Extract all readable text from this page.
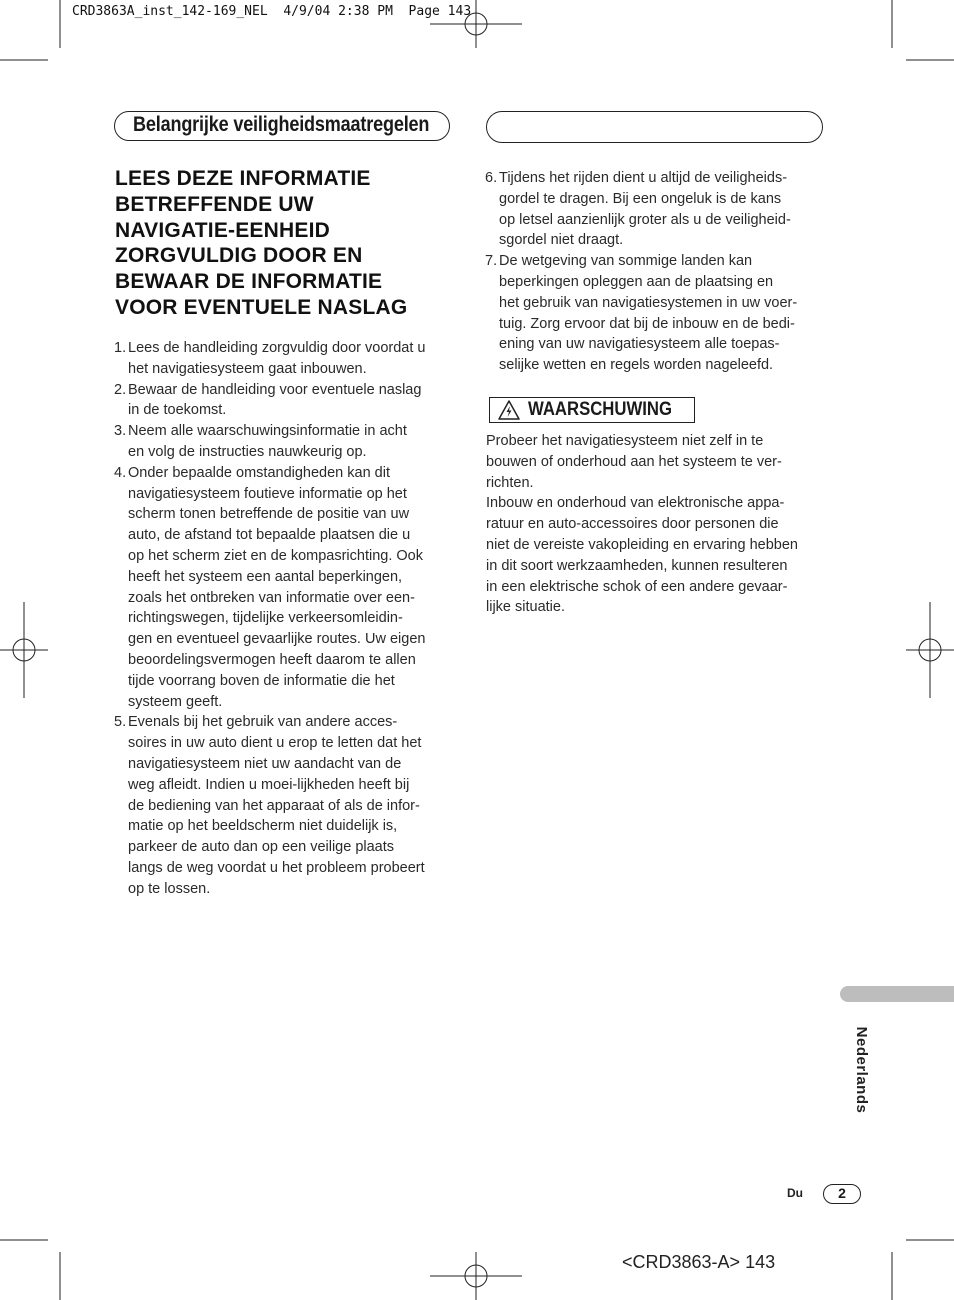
CRD3863A_inst_142-169_NEL  4/9/04 2:38 PM  Page 143
Belangrijke veiligheidsmaatregelen
LEES DEZE INFORMATIE
BETREFFENDE UW
NAVIGATIE-EENHEID
ZORGVULDIG DOOR EN
BEWAAR DE INFORMATIE
VOOR EVENTUELE NASLAG
1. Lees de handleiding zorgvuldig door voordat u
het navigatiesysteem gaat inbouwen.
2. Bewaar de handleiding voor eventuele naslag
in de toekomst.
3. Neem alle waarschuwingsinformatie in acht
en volg de instructies nauwkeurig op.
4. Onder bepaalde omstandigheden kan dit
navigatiesysteem foutieve informatie op het
scherm tonen betreffende de positie van uw
auto, de afstand tot bepaalde plaatsen die u
op het scherm ziet en de kompasrichting. Ook
heeft het systeem een aantal beperkingen,
zoals het ontbreken van informatie over een-
richtingswegen, tijdelijke verkeersomleidin-
gen en eventueel gevaarlijke routes. Uw eigen
beoordelingsvermogen heeft daarom te allen
tijde voorrang boven de informatie die het
systeem geeft.
5. Evenals bij het gebruik van andere acces-
soires in uw auto dient u erop te letten dat het
navigatiesysteem niet uw aandacht van de
weg afleidt. Indien u moei-lijkheden heeft bij
de bediening van het apparaat of als de infor-
matie op het beeldscherm niet duidelijk is,
parkeer de auto dan op een veilige plaats
langs de weg voordat u het probleem probeert
op te lossen.
6. Tijdens het rijden dient u altijd de veiligheids-
gordel te dragen. Bij een ongeluk is de kans
op letsel aanzienlijk groter als u de veiligheid-
sgordel niet draagt.
7. De wetgeving van sommige landen kan
beperkingen opleggen aan de plaatsing en
het gebruik van navigatiesystemen in uw voer-
tuig. Zorg ervoor dat bij de inbouw en de bedi-
ening van uw navigatiesysteem alle toepas-
selijke wetten en regels worden nageleefd.
WAARSCHUWING
Probeer het navigatiesysteem niet zelf in te
bouwen of onderhoud aan het systeem te ver-
richten.
Inbouw en onderhoud van elektronische appa-
ratuur en auto-accessoires door personen die
niet de vereiste vakopleiding en ervaring hebben
in dit soort werkzaamheden, kunnen resulteren
in een elektrische schok of een andere gevaar-
lijke situatie.
Nederlands
Du	2
<CRD3863-A> 143
